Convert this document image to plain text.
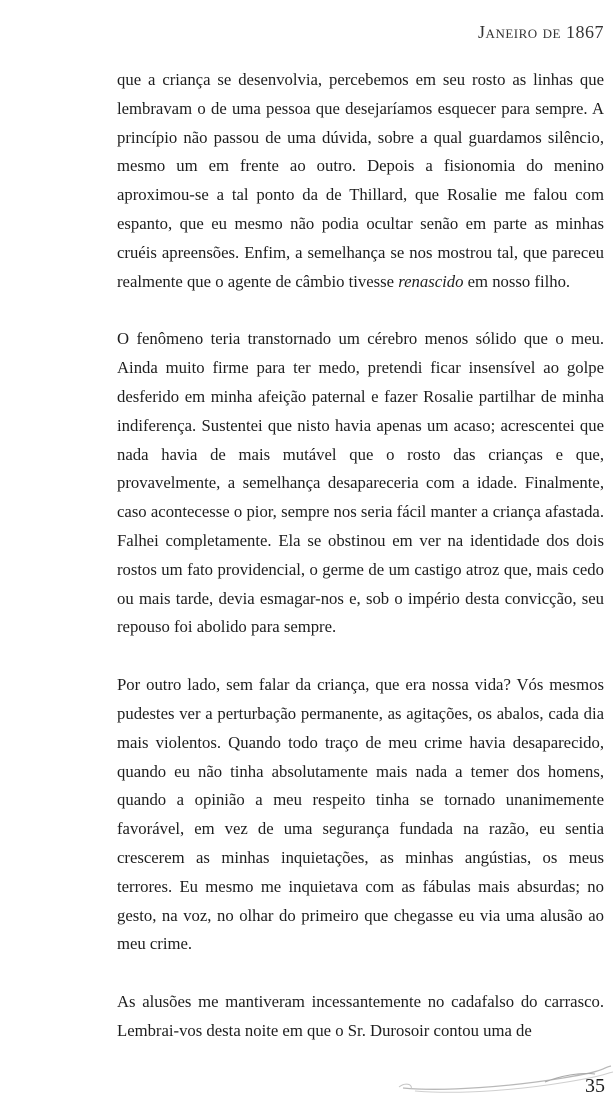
Janeiro de 1867

que a criança se desenvolvia, percebemos em seu rosto as linhas que lembravam o de uma pessoa que desejaríamos esquecer para sempre. A princípio não passou de uma dúvida, sobre a qual guardamos silêncio, mesmo um em frente ao outro. Depois a fisionomia do menino aproximou-se a tal ponto da de Thillard, que Rosalie me falou com espanto, que eu mesmo não podia ocultar senão em parte as minhas cruéis apreensões. Enfim, a semelhança se nos mostrou tal, que pareceu realmente que o agente de câmbio tivesse renascido em nosso filho.

O fenômeno teria transtornado um cérebro menos sólido que o meu. Ainda muito firme para ter medo, pretendi ficar insensível ao golpe desferido em minha afeição paternal e fazer Rosalie partilhar de minha indiferença. Sustentei que nisto havia apenas um acaso; acrescentei que nada havia de mais mutável que o rosto das crianças e que, provavelmente, a semelhança desapareceria com a idade. Finalmente, caso acontecesse o pior, sempre nos seria fácil manter a criança afastada. Falhei completamente. Ela se obstinou em ver na identidade dos dois rostos um fato providencial, o germe de um castigo atroz que, mais cedo ou mais tarde, devia esmagar-nos e, sob o império desta convicção, seu repouso foi abolido para sempre.

Por outro lado, sem falar da criança, que era nossa vida? Vós mesmos pudestes ver a perturbação permanente, as agitações, os abalos, cada dia mais violentos. Quando todo traço de meu crime havia desaparecido, quando eu não tinha absolutamente mais nada a temer dos homens, quando a opinião a meu respeito tinha se tornado unanimemente favorável, em vez de uma segurança fundada na razão, eu sentia crescerem as minhas inquietações, as minhas angústias, os meus terrores. Eu mesmo me inquietava com as fábulas mais absurdas; no gesto, na voz, no olhar do primeiro que chegasse eu via uma alusão ao meu crime.

As alusões me mantiveram incessantemente no cadafalso do carrasco. Lembrai-vos desta noite em que o Sr. Durosoir contou uma de

35
